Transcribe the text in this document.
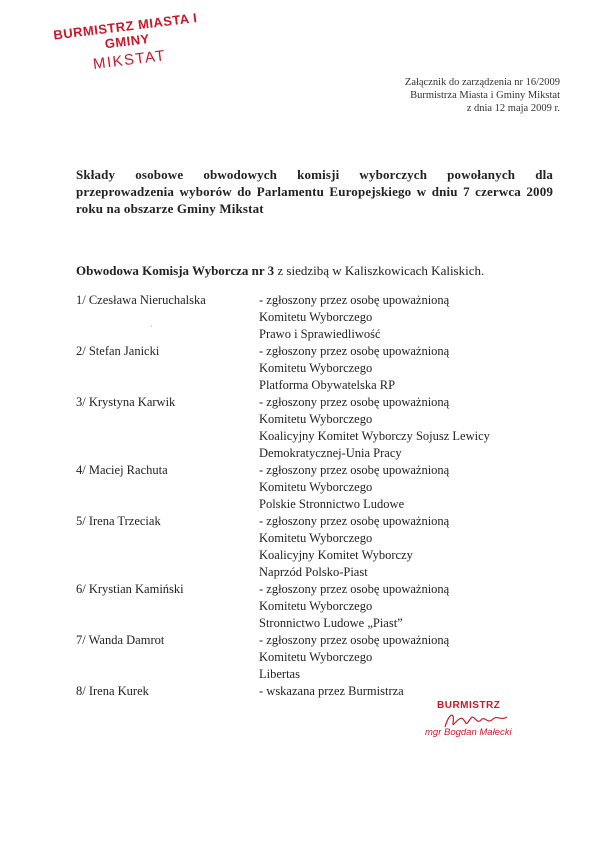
BURMISTRZ MIASTA I GMINY
MIKSTAT
Załącznik do zarządzenia nr 16/2009
Burmistrza Miasta i Gminy Mikstat
z dnia 12 maja 2009 r.
Składy osobowe obwodowych komisji wyborczych powołanych dla przeprowadzenia wyborów do Parlamentu Europejskiego w dniu 7 czerwca 2009 roku na obszarze Gminy Mikstat
Obwodowa Komisja Wyborcza nr 3 z siedzibą w Kaliszkowicach Kaliskich.
·
1/ Czesława Nieruchalska	- zgłoszony przez osobę upoważnioną
Komitetu Wyborczego
Prawo i Sprawiedliwość
2/ Stefan Janicki	- zgłoszony przez osobę upoważnioną
Komitetu Wyborczego
Platforma Obywatelska RP
3/ Krystyna Karwik	- zgłoszony przez osobę upoważnioną
Komitetu Wyborczego
Koalicyjny Komitet Wyborczy Sojusz Lewicy
Demokratycznej-Unia Pracy
4/ Maciej Rachuta	- zgłoszony przez osobę upoważnioną
Komitetu Wyborczego
Polskie Stronnictwo Ludowe
5/ Irena Trzeciak	- zgłoszony przez osobę upoważnioną
Komitetu Wyborczego
Koalicyjny Komitet Wyborczy
Naprzód Polsko-Piast
6/ Krystian Kamiński	- zgłoszony przez osobę upoważnioną
Komitetu Wyborczego
Stronnictwo Ludowe „Piast”
7/ Wanda Damrot	- zgłoszony przez osobę upoważnioną
Komitetu Wyborczego
Libertas
8/ Irena Kurek	- wskazana przez Burmistrza
BURMISTRZ
mgr Bogdan Małecki
